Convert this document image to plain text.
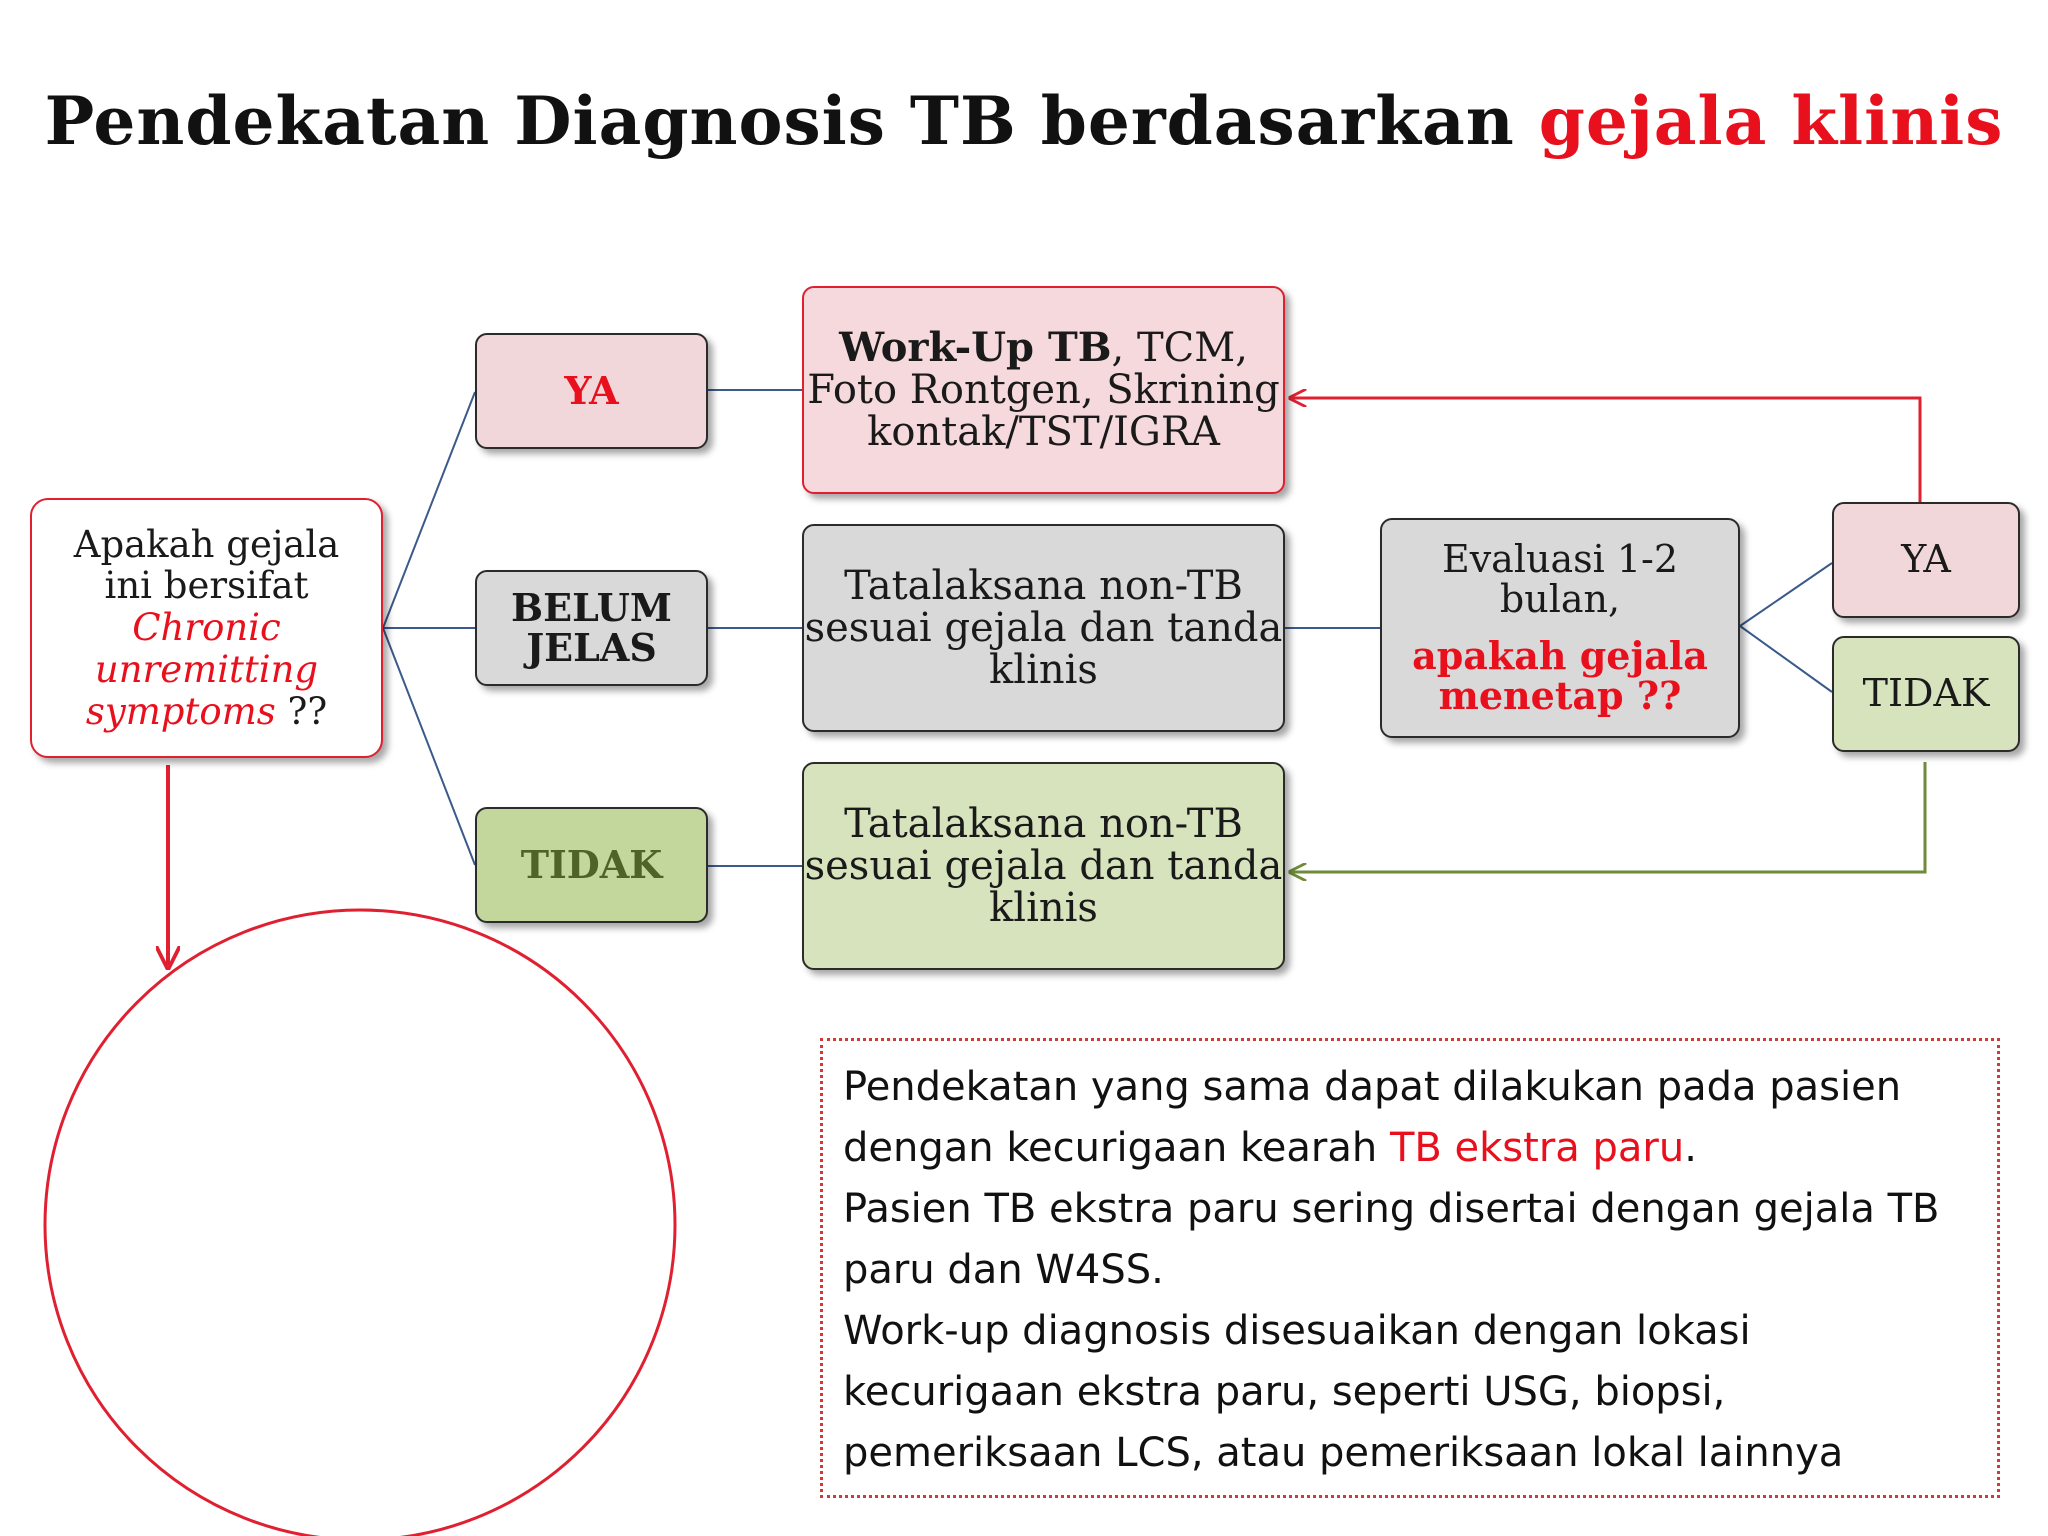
Pendekatan Diagnosis TB berdasarkan gejala klinis
Apakah gejala
ini bersifat
Chronic
unremitting
symptoms ??
YA
BELUM
JELAS
TIDAK
Work-Up TB, TCM,
Foto Rontgen, Skrining
kontak/TST/IGRA
Tatalaksana non-TB
sesuai gejala dan tanda
klinis
Tatalaksana non-TB
sesuai gejala dan tanda
klinis
Evaluasi 1-2
bulan,
apakah gejala
menetap ??
YA
TIDAK

Pendekatan yang sama dapat dilakukan pada pasien dengan kecurigaan kearah TB ekstra paru.

Pasien TB ekstra paru sering disertai dengan gejala TB paru dan W4SS.

Work-up diagnosis disesuaikan dengan lokasi kecurigaan ekstra paru, seperti USG, biopsi, pemeriksaan LCS, atau pemeriksaan lokal lainnya
